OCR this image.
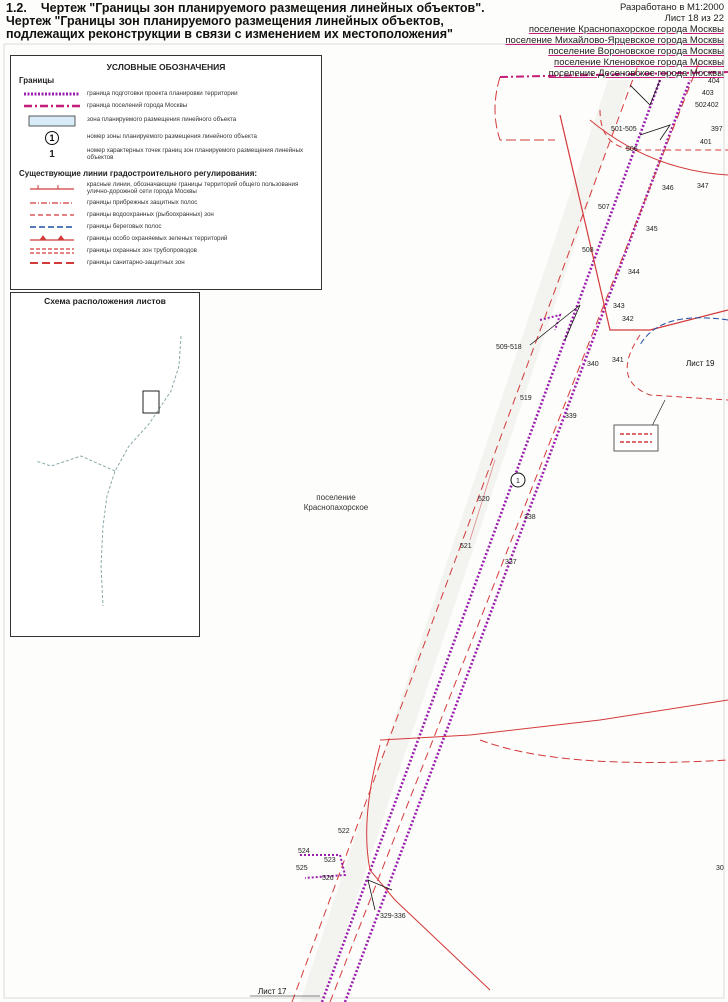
1
поселение
Краснопахорское
Лист 19
Лист 17
404
403
402
502
397
501-505
401
506
346	347
507
345
508
344
343
342
509-518
341
340
519
339
520
338
521
337
522
524
523
525
526
329-336
30
1.2. Чертеж "Границы зон планируемого размещения линейных объектов".
Чертеж "Границы зон планируемого размещения линейных объектов,
подлежащих реконструкции в связи с изменением их местоположения"
Разработано в М1:2000
Лист 18 из 22
поселение Краснопахорское города Москвы
поселение Михайлово-Ярцевское города Москвы
поселение Вороновское города Москвы
поселение Кленовское города Москвы
поселение Десеновское города Москвы
УСЛОВНЫЕ ОБОЗНАЧЕНИЯ
Границы
граница подготовки проекта планировки территории
граница поселений города Москвы
зона планируемого размещения линейного объекта
1	номер зоны планируемого размещения линейного объекта
1	номер характерных точек границ зон планируемого размещения линейных объектов
Существующие линии градостроительного регулирования:
красные линии, обозначающие границы территорий общего пользования улично-дорожной сети города Москвы
границы прибрежных защитных полос
границы водоохранных (рыбоохранных) зон
границы береговых полос
границы особо охраняемых зеленых территорий
границы охранных зон трубопроводов
границы санитарно-защитных зон
Схема расположения листов
